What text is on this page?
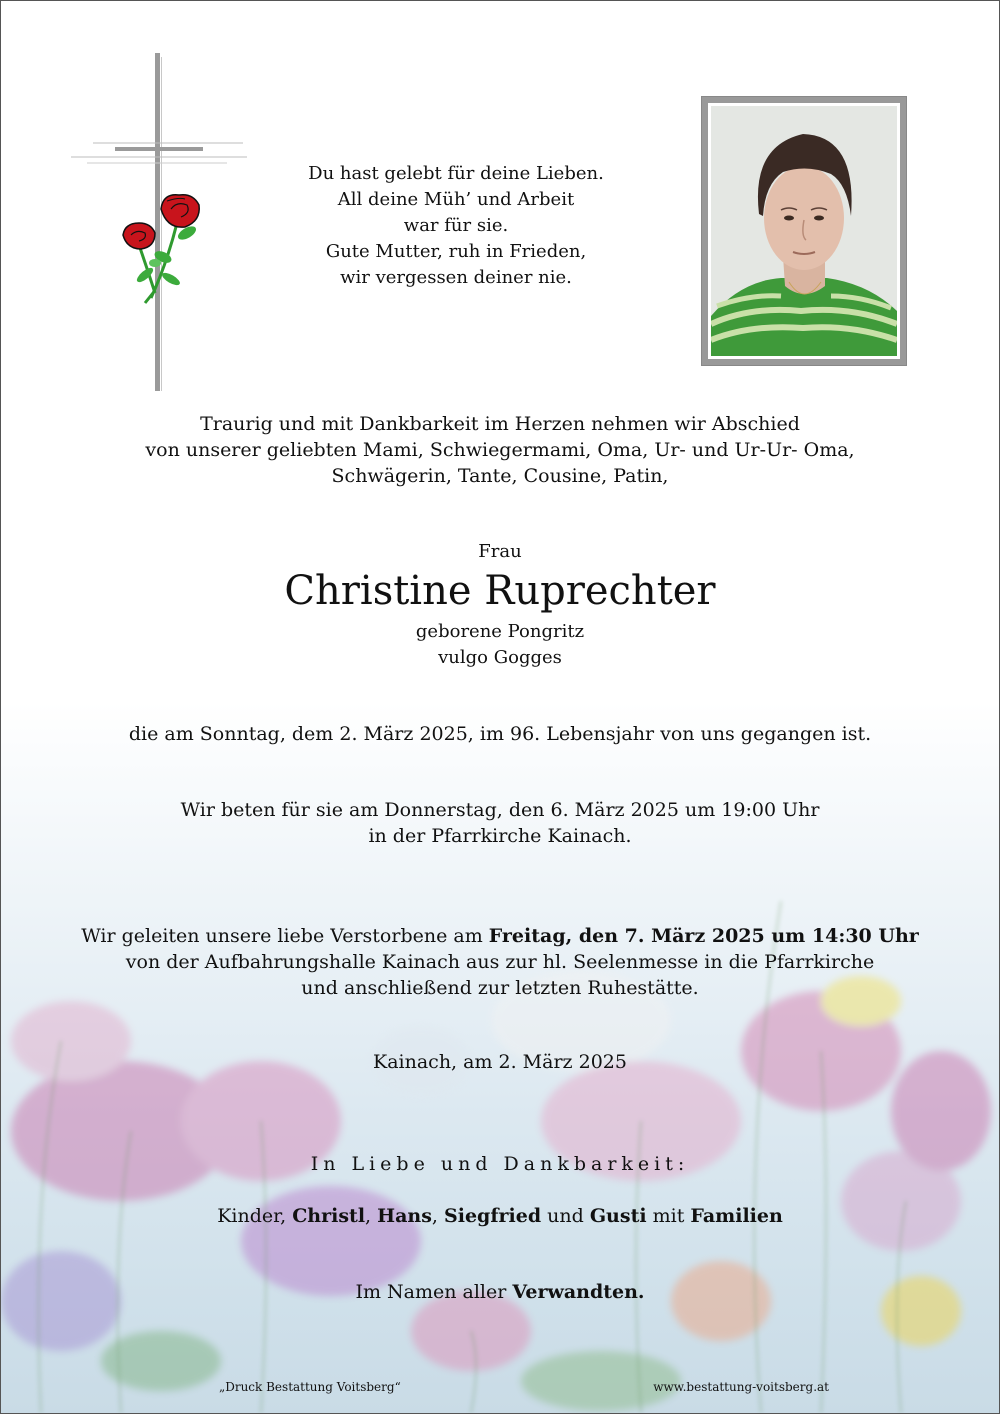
Du hast gelebt für deine Lieben.
All deine Müh’ und Arbeit
war für sie.
Gute Mutter, ruh in Frieden,
wir vergessen deiner nie.
Traurig und mit Dankbarkeit im Herzen nehmen wir Abschied
von unserer geliebten Mami, Schwiegermami, Oma, Ur- und Ur-Ur- Oma,
Schwägerin, Tante, Cousine, Patin,
Frau
Christine Ruprechter
geborene Pongritz
vulgo Gogges
die am Sonntag, dem 2. März 2025, im 96. Lebensjahr von uns gegangen ist.
Wir beten für sie am Donnerstag, den 6. März 2025 um 19:00 Uhr
in der Pfarrkirche Kainach.
Wir geleiten unsere liebe Verstorbene am Freitag, den 7. März 2025 um 14:30 Uhr
von der Aufbahrungshalle Kainach aus zur hl. Seelenmesse in die Pfarrkirche
und anschließend zur letzten Ruhestätte.
Kainach, am 2. März 2025
In Liebe und Dankbarkeit:
Kinder, Christl, Hans, Siegfried und Gusti mit Familien
Im Namen aller Verwandten.
„Druck Bestattung Voitsberg“	www.bestattung-voitsberg.at
